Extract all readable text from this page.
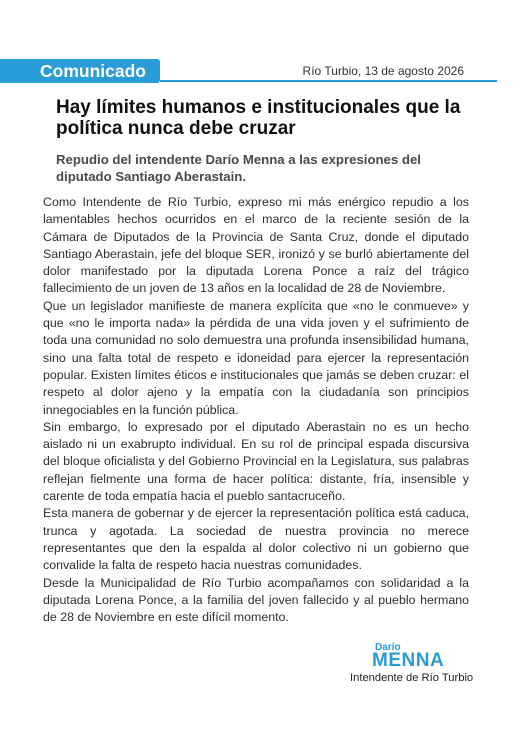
Comunicado	Río Turbio, 13 de agosto 2026
Hay límites humanos e institucionales que la política nunca debe cruzar
Repudio del intendente Darío Menna a las expresiones del diputado Santiago Aberastain.

Como Intendente de Río Turbio, expreso mi más enérgico repudio a los lamentables hechos ocurridos en el marco de la reciente sesión de la Cámara de Diputados de la Provincia de Santa Cruz, donde el diputado Santiago Aberastain, jefe del bloque SER, ironizó y se burló abiertamente del dolor manifestado por la diputada Lorena Ponce a raíz del trágico fallecimiento de un joven de 13 años en la localidad de 28 de Noviembre.

Que un legislador manifieste de manera explícita que «no le conmueve» y que «no le importa nada» la pérdida de una vida joven y el sufrimiento de toda una comunidad no solo demuestra una profunda insensibilidad humana, sino una falta total de respeto e idoneidad para ejercer la representación popular. Existen límites éticos e institucionales que jamás se deben cruzar: el respeto al dolor ajeno y la empatía con la ciudadanía son principios innegociables en la función pública.

Sin embargo, lo expresado por el diputado Aberastain no es un hecho aislado ni un exabrupto individual. En su rol de principal espada discursiva del bloque oficialista y del Gobierno Provincial en la Legislatura, sus palabras reflejan fielmente una forma de hacer política: distante, fría, insensible y carente de toda empatía hacia el pueblo santacruceño.

Esta manera de gobernar y de ejercer la representación política está caduca, trunca y agotada. La sociedad de nuestra provincia no merece representantes que den la espalda al dolor colectivo ni un gobierno que convalide la falta de respeto hacia nuestras comunidades.

Desde la Municipalidad de Río Turbio acompañamos con solidaridad a la diputada Lorena Ponce, a la familia del joven fallecido y al pueblo hermano de 28 de Noviembre en este difícil momento.

Darío
MENNA
Intendente de Río Turbio
